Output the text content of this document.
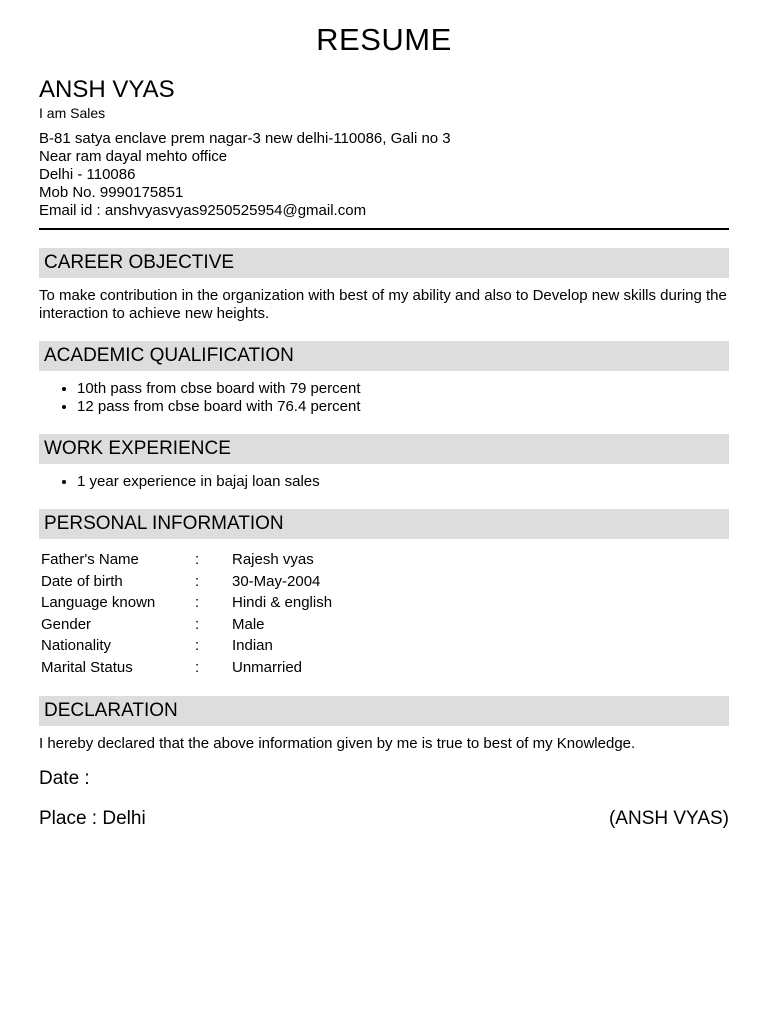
RESUME
ANSH VYAS
I am Sales
B-81 satya enclave prem nagar-3 new delhi-110086, Gali no 3
Near ram dayal mehto office
Delhi - 110086
Mob No. 9990175851
Email id : anshvyasvyas9250525954@gmail.com
CAREER OBJECTIVE
To make contribution in the organization with best of my ability and also to Develop new skills during the interaction to achieve new heights.
ACADEMIC QUALIFICATION
• 10th pass from cbse board with 79 percent
• 12 pass from cbse board with 76.4 percent
WORK EXPERIENCE
• 1 year experience in bajaj loan sales
PERSONAL INFORMATION
Father's Name	:	Rajesh vyas
Date of birth	:	30-May-2004
Language known	:	Hindi & english
Gender	:	Male
Nationality	:	Indian
Marital Status	:	Unmarried
DECLARATION
I hereby declared that the above information given by me is true to best of my Knowledge.
Date :
Place : Delhi	(ANSH VYAS)
